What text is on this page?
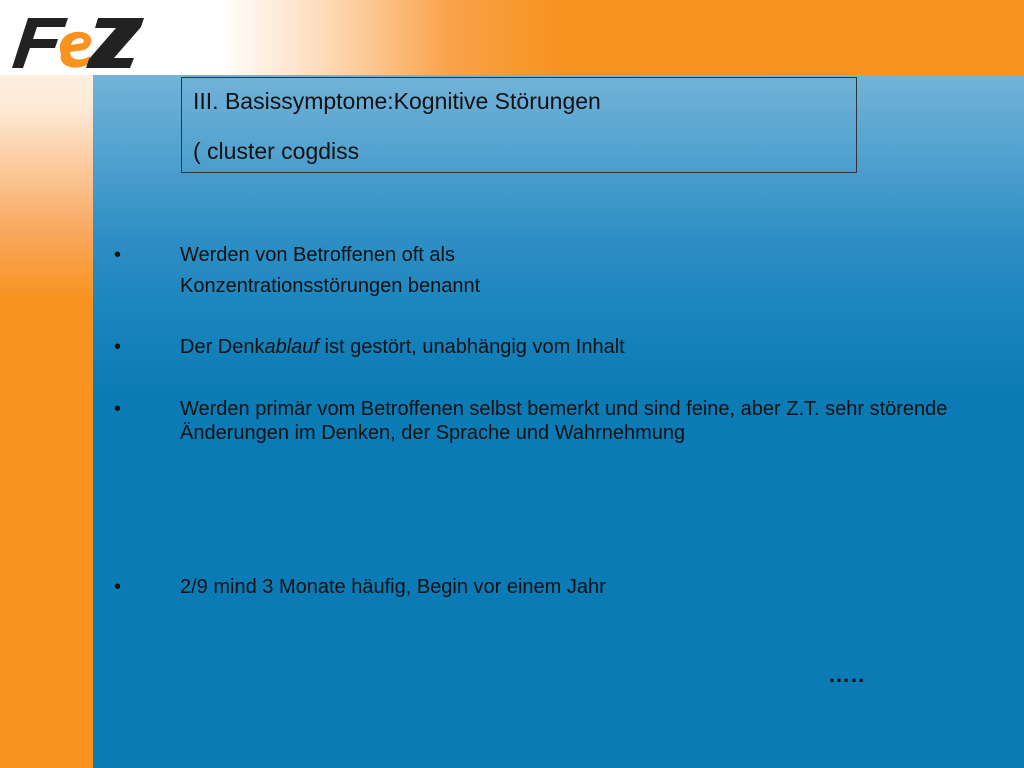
III. Basissymptome:Kognitive Störungen
( cluster cogdiss
•	Werden von Betroffenen oft als
Konzentrationsstörungen benannt
•	Der Denkablauf ist gestört, unabhängig vom Inhalt
•	Werden primär vom Betroffenen selbst bemerkt und sind feine, aber Z.T. sehr störende Änderungen im Denken, der Sprache und Wahrnehmung
•	2/9 mind 3 Monate häufig, Begin vor einem Jahr
…..
